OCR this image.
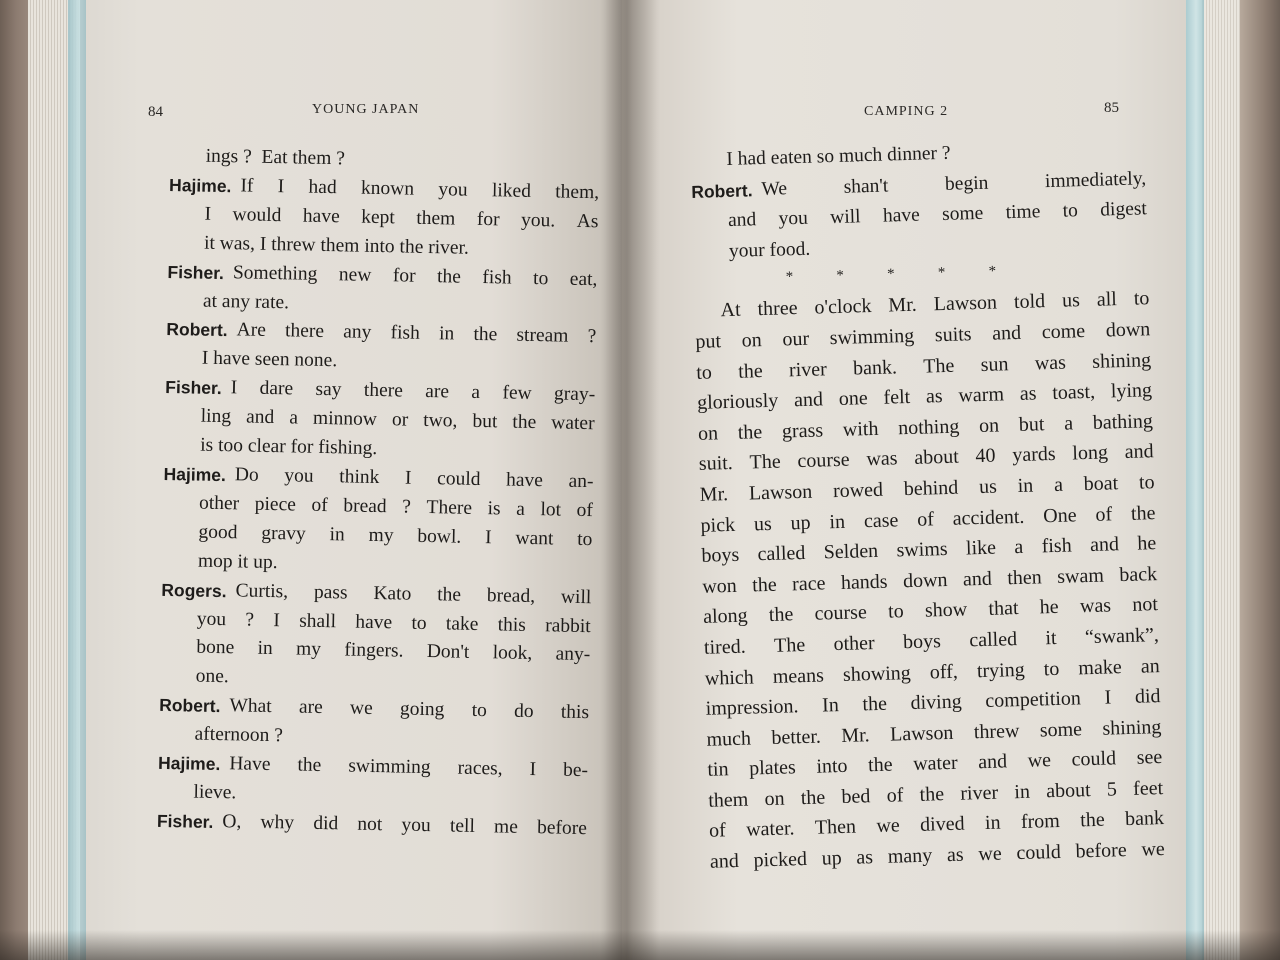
84	YOUNG JAPAN	CAMPING 2	85
ings ?  Eat them ?
Hajime. If I had known you liked them,
I would have kept them for you. As
it was, I threw them into the river.
Fisher. Something new for the fish to eat,
at any rate.
Robert. Are there any fish in the stream ?
I have seen none.
Fisher. I dare say there are a few gray-
ling and a minnow or two, but the water
is too clear for fishing.
Hajime. Do you think I could have an-
other piece of bread ? There is a lot of
good gravy in my bowl. I want to
mop it up.
Rogers. Curtis, pass Kato the bread, will
you ? I shall have to take this rabbit
bone in my fingers. Don't look, any-
one.
Robert. What are we going to do this
afternoon ?
Hajime. Have the swimming races, I be-
lieve.
Fisher. O, why did not you tell me before
I had eaten so much dinner ?
Robert. We	shan't	begin	immediately,
and you will have some time to digest
your food.
*   *   *   *   *
At three o'clock Mr. Lawson told us all to
put on our swimming suits and come down
to the river bank. The sun was shining
gloriously and one felt as warm as toast, lying
on the grass with nothing on but a bathing
suit. The course was about 40 yards long and
Mr. Lawson rowed behind us in a boat to
pick us up in case of accident. One of the
boys called Selden swims like a fish and he
won the race hands down and then swam back
along the course to show that he was not
tired. The other boys called it “swank”,
which means showing off, trying to make an
impression. In the diving competition I did
much better. Mr. Lawson threw some shining
tin plates into the water and we could see
them on the bed of the river in about 5 feet
of water. Then we dived in from the bank
and picked up as many as we could before we
